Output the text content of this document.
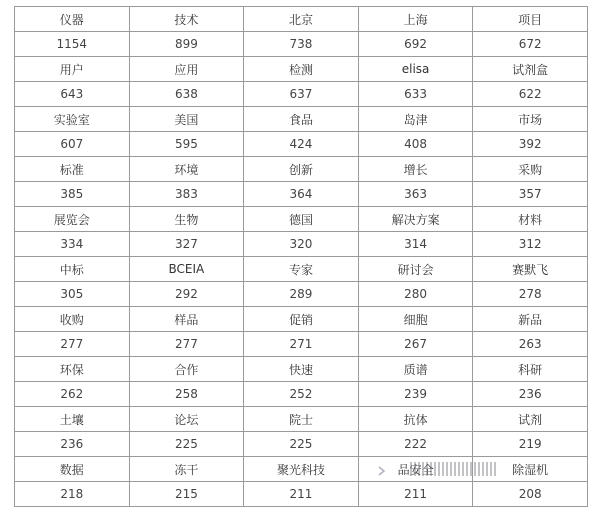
仪器	技术	北京	上海	项目
1154	899	738	692	672
用户	应用	检测	elisa	试剂盒
643	638	637	633	622
实验室	美国	食品	岛津	市场
607	595	424	408	392
标准	环境	创新	增长	采购
385	383	364	363	357
展览会	生物	德国	解决方案	材料
334	327	320	314	312
中标	BCEIA	专家	研讨会	赛默飞
305	292	289	280	278
收购	样品	促销	细胞	新品
277	277	271	267	263
环保	合作	快速	质谱	科研
262	258	252	239	236
土壤	论坛	院士	抗体	试剂
236	225	225	222	219
数据	冻干	聚光科技	品安全	除湿机
218	215	211	211	208
